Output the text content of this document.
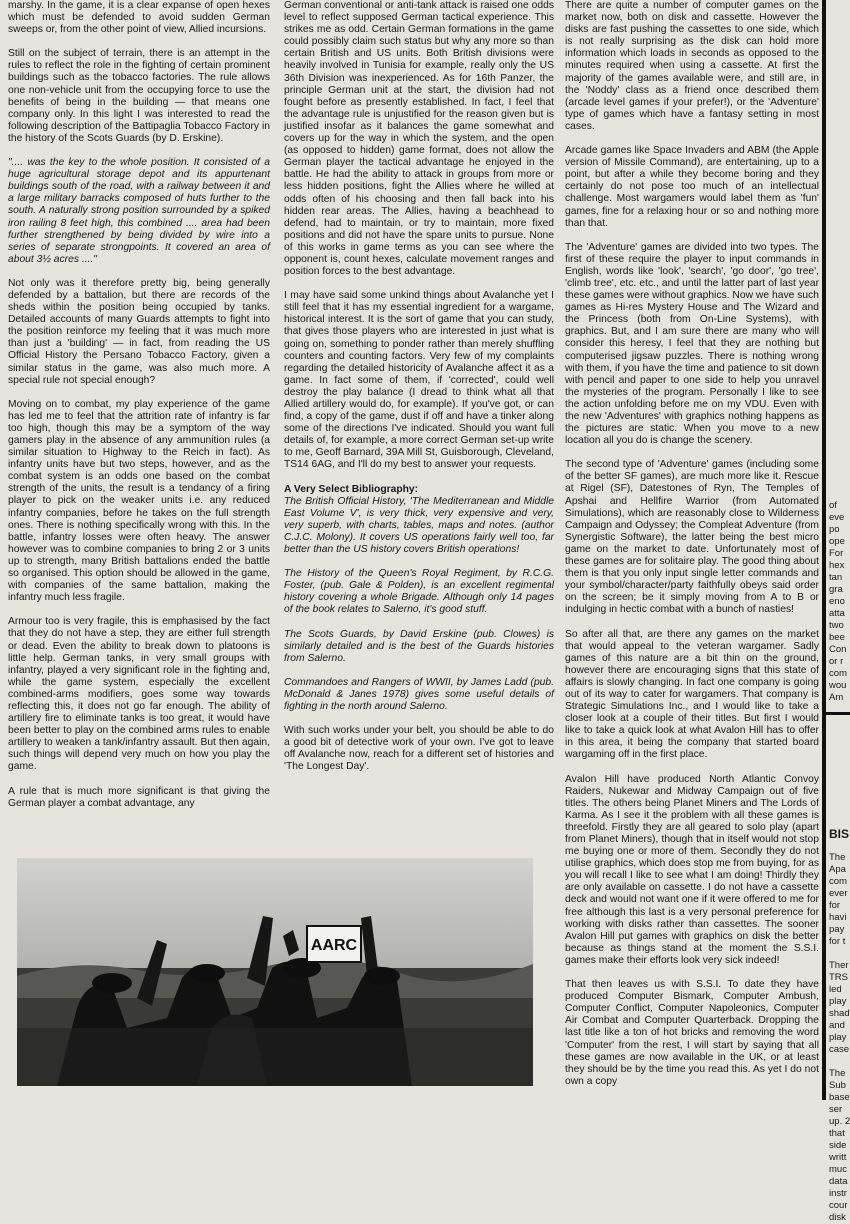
marshy. In the game, it is a clear expanse of open hexes which must be defended to avoid sudden German sweeps or, from the other point of view, Allied incursions.

Still on the subject of terrain, there is an attempt in the rules to reflect the role in the fighting of certain prominent buildings such as the tobacco factories. The rule allows one non-vehicle unit from the occupying force to use the benefits of being in the building — that means one company only. In this light I was interested to read the following description of the Battipaglia Tobacco Factory in the history of the Scots Guards (by D. Erskine).

".... was the key to the whole position. It consisted of a huge agricultural storage depot and its appurtenant buildings south of the road, with a railway between it and a large military barracks composed of huts further to the south. A naturally strong position surrounded by a spiked iron railing 8 feet high, this combined .... area had been further strengthened by being divided by wire into a series of separate strongpoints. It covered an area of about 3½ acres ...."

Not only was it therefore pretty big, being generally defended by a battalion, but there are records of the sheds within the position being occupied by tanks. Detailed accounts of many Guards attempts to fight into the position reinforce my feeling that it was much more than just a 'building' — in fact, from reading the US Official History the Persano Tobacco Factory, given a similar status in the game, was also much more. A special rule not special enough?

Moving on to combat, my play experience of the game has led me to feel that the attrition rate of infantry is far too high, though this may be a symptom of the way gamers play in the absence of any ammunition rules (a similar situation to Highway to the Reich in fact). As infantry units have but two steps, however, and as the combat system is an odds one based on the combat strength of the units, the result is a tendancy of a firing player to pick on the weaker units i.e. any reduced infantry companies, before he takes on the full strength ones. There is nothing specifically wrong with this. In the battle, infantry losses were often heavy. The answer however was to combine companies to bring 2 or 3 units up to strength, many British battalions ended the battle so organised. This option should be allowed in the game, with companies of the same battalion, making the infantry much less fragile.

Armour too is very fragile, this is emphasised by the fact that they do not have a step, they are either full strength or dead. Even the ability to break down to platoons is little help. German tanks, in very small groups with infantry, played a very significant role in the fighting and, while the game system, especially the excellent combined-arms modifiers, goes some way towards reflecting this, it does not go far enough. The ability of artillery fire to eliminate tanks is too great, it would have been better to play on the combined arms rules to enable artillery to weaken a tank/infantry assault. But then again, such things will depend very much on how you play the game.

A rule that is much more significant is that giving the German player a combat advantage, any

German conventional or anti-tank attack is raised one odds level to reflect supposed German tactical experience. This strikes me as odd. Certain German formations in the game could possibly claim such status but why any more so than certain British and US units. Both British divisions were heavily involved in Tunisia for example, really only the US 36th Division was inexperienced. As for 16th Panzer, the principle German unit at the start, the division had not fought before as presently established. In fact, I feel that the advantage rule is unjustified for the reason given but is justified insofar as it balances the game somewhat and covers up for the way in which the system, and the open (as opposed to hidden) game format, does not allow the German player the tactical advantage he enjoyed in the battle. He had the ability to attack in groups from more or less hidden positions, fight the Allies where he willed at odds often of his choosing and then fall back into his hidden rear areas. The Allies, having a beachhead to defend, had to maintain, or try to maintain, more fixed positions and did not have the spare units to pursue. None of this works in game terms as you can see where the opponent is, count hexes, calculate movement ranges and position forces to the best advantage.

I may have said some unkind things about Avalanche yet I still feel that it has my essential ingredient for a wargame, historical interest. It is the sort of game that you can study, that gives those players who are interested in just what is going on, something to ponder rather than merely shuffling counters and counting factors. Very few of my complaints regarding the detailed historicity of Avalanche affect it as a game. In fact some of them, if 'corrected', could well destroy the play balance (I dread to think what all that Allied artillery would do, for example). If you've got, or can find, a copy of the game, dust if off and have a tinker along some of the directions I've indicated. Should you want full details of, for example, a more correct German set-up write to me, Geoff Barnard, 39A Mill St, Guisborough, Cleveland, TS14 6AG, and I'll do my best to answer your requests.

A Very Select Bibliography:

The British Official History, 'The Mediterranean and Middle East Volume V', is very thick, very expensive and very, very superb, with charts, tables, maps and notes. (author C.J.C. Molony). It covers US operations fairly well too, far better than the US history covers British operations!

The History of the Queen's Royal Regiment, by R.C.G. Foster, (pub. Gale & Polden), is an excellent regimental history covering a whole Brigade. Although only 14 pages of the book relates to Salerno, it's good stuff.

The Scots Guards, by David Erskine (pub. Clowes) is similarly detailed and is the best of the Guards histories from Salerno.

Commandoes and Rangers of WWII, by James Ladd (pub. McDonald & Janes 1978) gives some useful details of fighting in the north around Salerno.

With such works under your belt, you should be able to do a good bit of detective work of your own. I've got to leave off Avalanche now, reach for a different set of histories and 'The Longest Day'.

There are quite a number of computer games on the market now, both on disk and cassette. However the disks are fast pushing the cassettes to one side, which is not really surprising as the disk can hold more information which loads in seconds as opposed to the minutes required when using a cassette. At first the majority of the games available were, and still are, in the 'Noddy' class as a friend once described them (arcade level games if your prefer!), or the 'Adventure' type of games which have a fantasy setting in most cases.

Arcade games like Space Invaders and ABM (the Apple version of Missile Command), are entertaining, up to a point, but after a while they become boring and they certainly do not pose too much of an intellectual challenge. Most wargamers would label them as 'fun' games, fine for a relaxing hour or so and nothing more than that.

The 'Adventure' games are divided into two types. The first of these require the player to input commands in English, words like 'look', 'search', 'go door', 'go tree', 'climb tree', etc. etc., and until the latter part of last year these games were without graphics. Now we have such games as Hi-res Mystery House and The Wizard and the Princess (both from On-Line Systems), with graphics. But, and I am sure there are many who will consider this heresy, I feel that they are nothing but computerised jigsaw puzzles. There is nothing wrong with them, if you have the time and patience to sit down with pencil and paper to one side to help you unravel the mysteries of the program. Personally I like to see the action unfolding before me on my VDU. Even with the new 'Adventures' with graphics nothing happens as the pictures are static. When you move to a new location all you do is change the scenery.

The second type of 'Adventure' games (including some of the better SF games), are much more like it. Rescue at Rigel (SF), Datestones of Ryn, The Temples of Apshai and Hellfire Warrior (from Automated Simulations), which are reasonably close to Wilderness Campaign and Odyssey; the Compleat Adventure (from Synergistic Software), the latter being the best micro game on the market to date. Unfortunately most of these games are for solitaire play. The good thing about them is that you only input single letter commands and your symbol/character/party faithfully obeys said order on the screen; be it simply moving from A to B or indulging in hectic combat with a bunch of nasties!

So after all that, are there any games on the market that would appeal to the veteran wargamer. Sadly games of this nature are a bit thin on the ground, however there are encouraging signs that this state of affairs is slowly changing. In fact one company is going out of its way to cater for wargamers. That company is Strategic Simulations Inc., and I would like to take a closer look at a couple of their titles. But first I would like to take a quick look at what Avalon Hill has to offer in this area, it being the company that started board wargaming off in the first place.

Avalon Hill have produced North Atlantic Convoy Raiders, Nukewar and Midway Campaign out of five titles. The others being Planet Miners and The Lords of Karma. As I see it the problem with all these games is threefold. Firstly they are all geared to solo play (apart from Planet Miners), though that in itself would not stop me buying one or more of them. Secondly they do not utilise graphics, which does stop me from buying, for as you will recall I like to see what I am doing! Thirdly they are only available on cassette. I do not have a cassette deck and would not want one if it were offered to me for free although this last is a very personal preference for working with disks rather than cassettes. The sooner Avalon Hill put games with graphics on disk the better because as things stand at the moment the S.S.I. games make their efforts look very sick indeed!

That then leaves us with S.S.I. To date they have produced Computer Bismark, Computer Ambush, Computer Conflict, Computer Napoleonics, Computer Air Combat and Computer Quarterback. Dropping the last title like a ton of hot bricks and removing the word 'Computer' from the rest, I will start by saying that all these games are now available in the UK, or at least they should be by the time you read this. As yet I do not own a copy

of

eve

po

ope

For

hex

tan

gra

eno

atta

two

bee

Con

or r

com

wou

Am

BIS

The

Apa

com

ever

for

havi

pay

for t

Ther

TRS

led

play

shad

and

play

case

The

Sub

base

ser

up. 2

that

side

writt

muc

data

instr

cour

disk

AARC
